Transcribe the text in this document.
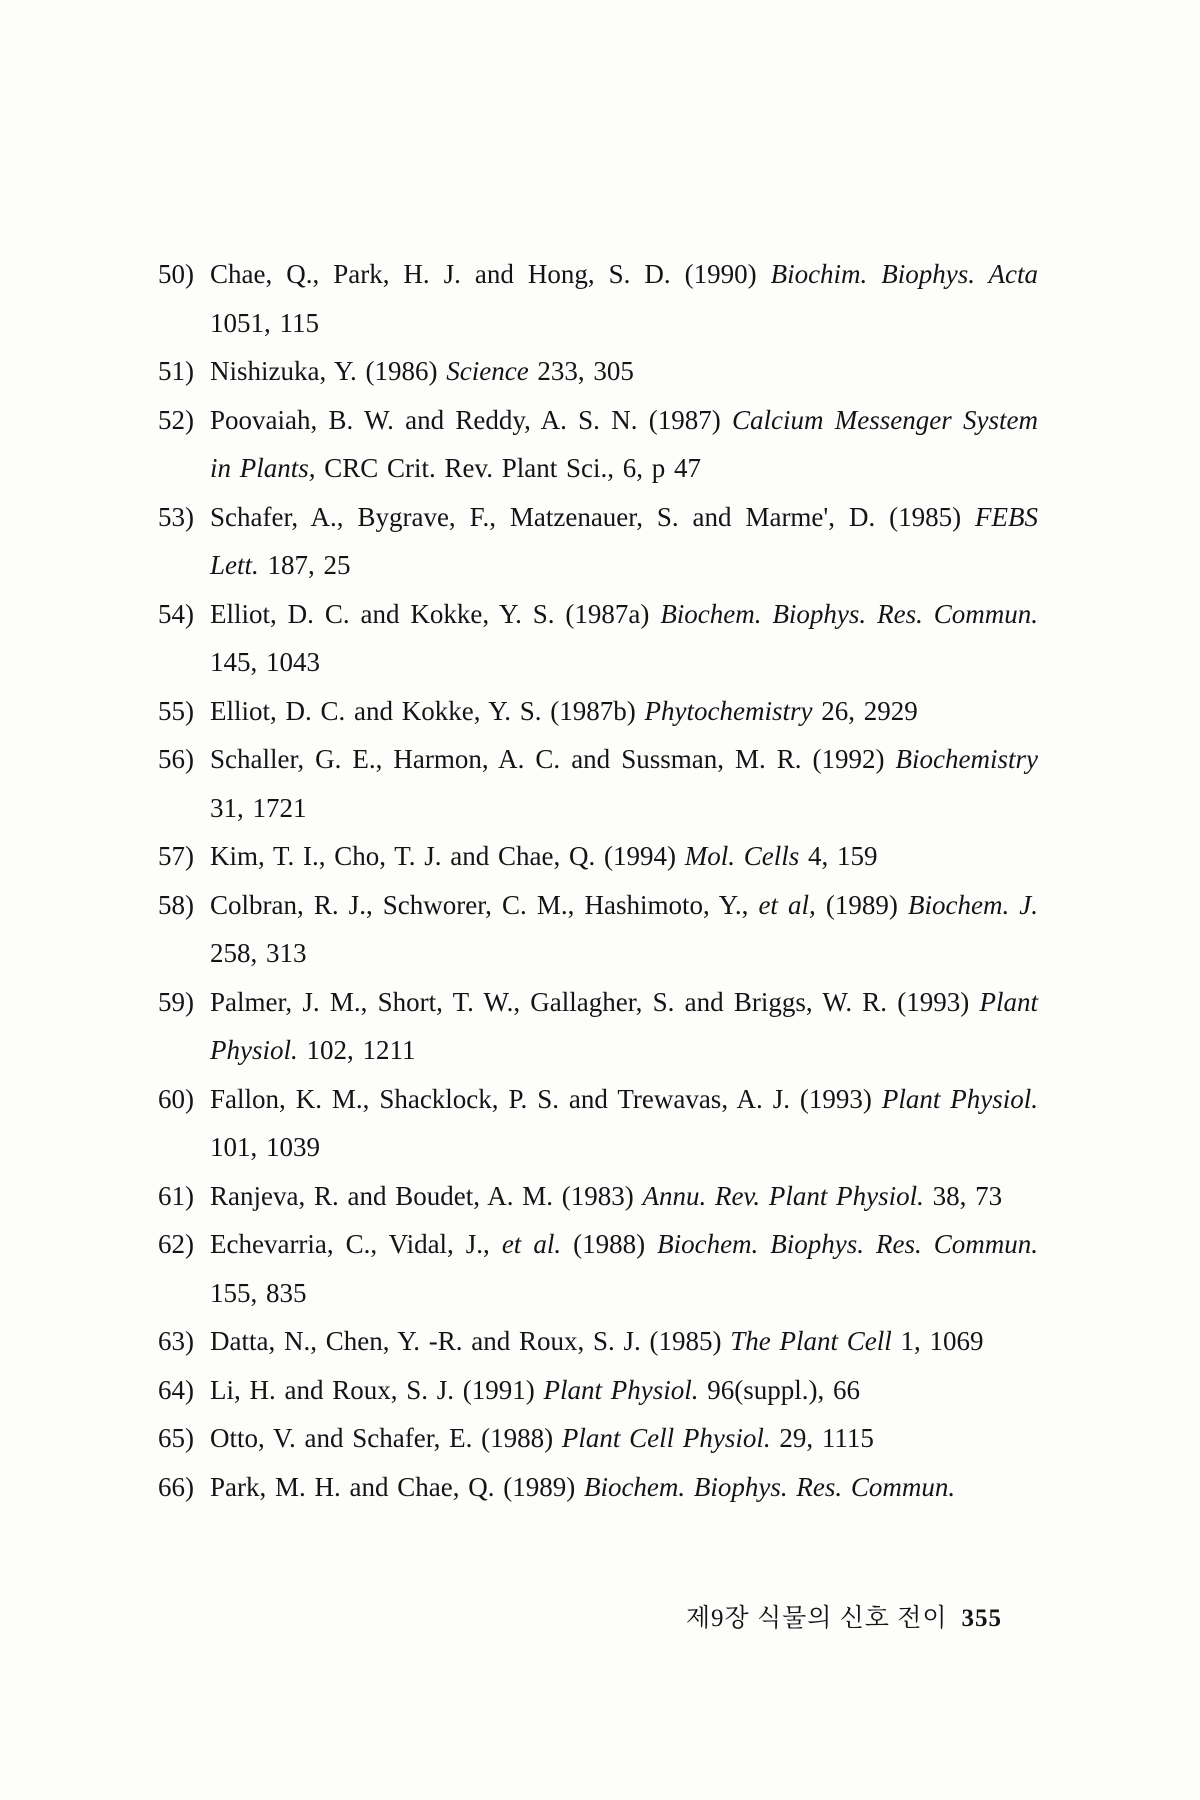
50) Chae, Q., Park, H. J. and Hong, S. D. (1990) Biochim. Biophys. Acta 1051, 115
51) Nishizuka, Y. (1986) Science 233, 305
52) Poovaiah, B. W. and Reddy, A. S. N. (1987) Calcium Messenger System in Plants, CRC Crit. Rev. Plant Sci., 6, p 47
53) Schafer, A., Bygrave, F., Matzenauer, S. and Marme', D. (1985) FEBS Lett. 187, 25
54) Elliot, D. C. and Kokke, Y. S. (1987a) Biochem. Biophys. Res. Commun. 145, 1043
55) Elliot, D. C. and Kokke, Y. S. (1987b) Phytochemistry 26, 2929
56) Schaller, G. E., Harmon, A. C. and Sussman, M. R. (1992) Biochemistry 31, 1721
57) Kim, T. I., Cho, T. J. and Chae, Q. (1994) Mol. Cells 4, 159
58) Colbran, R. J., Schworer, C. M., Hashimoto, Y., et al, (1989) Biochem. J. 258, 313
59) Palmer, J. M., Short, T. W., Gallagher, S. and Briggs, W. R. (1993) Plant Physiol. 102, 1211
60) Fallon, K. M., Shacklock, P. S. and Trewavas, A. J. (1993) Plant Physiol. 101, 1039
61) Ranjeva, R. and Boudet, A. M. (1983) Annu. Rev. Plant Physiol. 38, 73
62) Echevarria, C., Vidal, J., et al. (1988) Biochem. Biophys. Res. Commun. 155, 835
63) Datta, N., Chen, Y. -R. and Roux, S. J. (1985) The Plant Cell 1, 1069
64) Li, H. and Roux, S. J. (1991) Plant Physiol. 96(suppl.), 66
65) Otto, V. and Schafer, E. (1988) Plant Cell Physiol. 29, 1115
66) Park, M. H. and Chae, Q. (1989) Biochem. Biophys. Res. Commun.
제9장 식물의 신호 전이 355
